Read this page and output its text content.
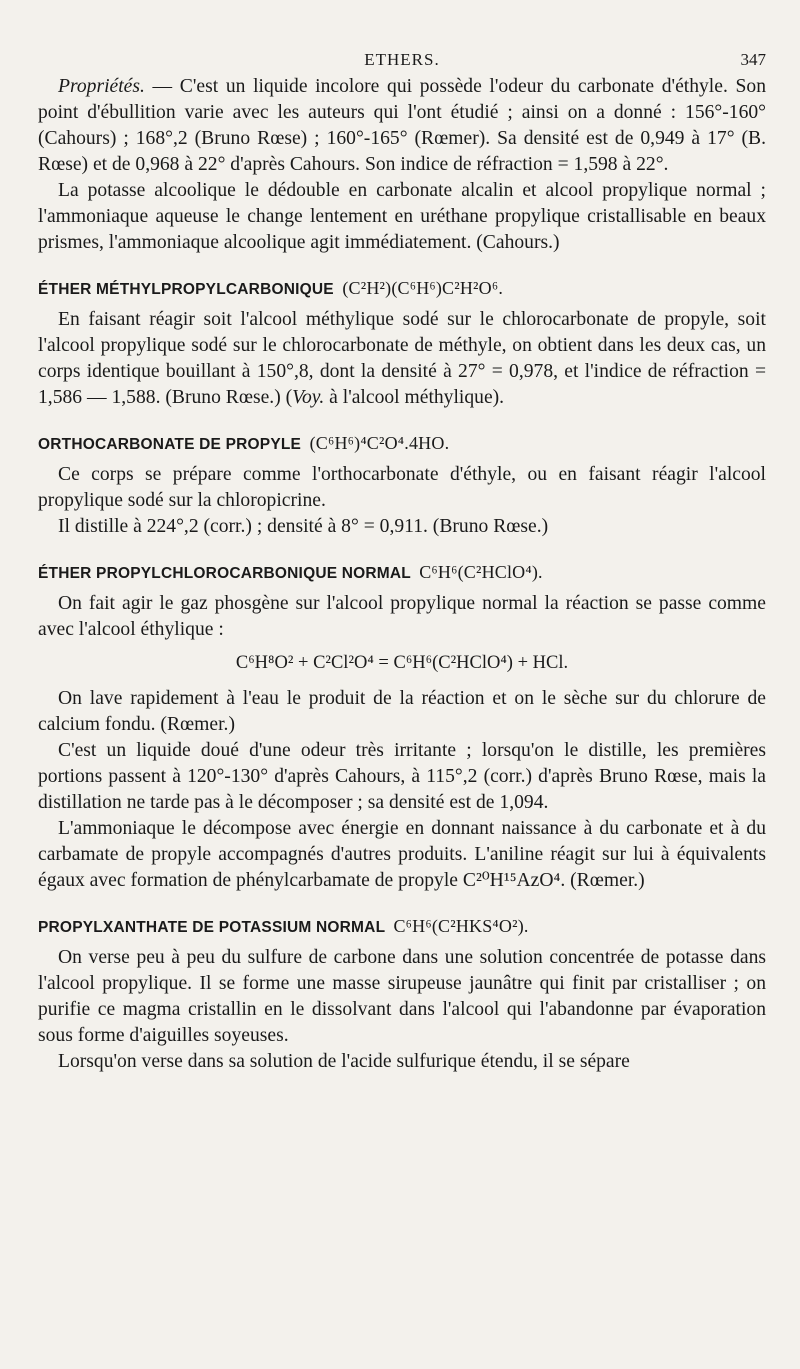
ETHERS.	347

Propriétés. — C'est un liquide incolore qui possède l'odeur du carbonate d'éthyle. Son point d'ébullition varie avec les auteurs qui l'ont étudié ; ainsi on a donné : 156°-160° (Cahours) ; 168°,2 (Bruno Rœse) ; 160°-165° (Rœmer). Sa densité est de 0,949 à 17° (B. Rœse) et de 0,968 à 22° d'après Cahours. Son indice de réfraction = 1,598 à 22°.

La potasse alcoolique le dédouble en carbonate alcalin et alcool propylique normal ; l'ammoniaque aqueuse le change lentement en uréthane propylique cristallisable en beaux prismes, l'ammoniaque alcoolique agit immédiatement. (Cahours.)

ÉTHER MÉTHYLPROPYLCARBONIQUE (C²H²)(C⁶H⁶)C²H²O⁶.

En faisant réagir soit l'alcool méthylique sodé sur le chlorocarbonate de propyle, soit l'alcool propylique sodé sur le chlorocarbonate de méthyle, on obtient dans les deux cas, un corps identique bouillant à 150°,8, dont la densité à 27° = 0,978, et l'indice de réfraction = 1,586 — 1,588. (Bruno Rœse.) (Voy. à l'alcool méthylique).

ORTHOCARBONATE DE PROPYLE (C⁶H⁶)⁴C²O⁴.4HO.

Ce corps se prépare comme l'orthocarbonate d'éthyle, ou en faisant réagir l'alcool propylique sodé sur la chloropicrine.

Il distille à 224°,2 (corr.) ; densité à 8° = 0,911. (Bruno Rœse.)

ÉTHER PROPYLCHLOROCARBONIQUE NORMAL C⁶H⁶(C²HClO⁴).

On fait agir le gaz phosgène sur l'alcool propylique normal la réaction se passe comme avec l'alcool éthylique :

C⁶H⁸O² + C²Cl²O⁴ = C⁶H⁶(C²HClO⁴) + HCl.

On lave rapidement à l'eau le produit de la réaction et on le sèche sur du chlorure de calcium fondu. (Rœmer.)

C'est un liquide doué d'une odeur très irritante ; lorsqu'on le distille, les premières portions passent à 120°-130° d'après Cahours, à 115°,2 (corr.) d'après Bruno Rœse, mais la distillation ne tarde pas à le décomposer ; sa densité est de 1,094.

L'ammoniaque le décompose avec énergie en donnant naissance à du carbonate et à du carbamate de propyle accompagnés d'autres produits. L'aniline réagit sur lui à équivalents égaux avec formation de phénylcarbamate de propyle C²⁰H¹⁵AzO⁴. (Rœmer.)

PROPYLXANTHATE DE POTASSIUM NORMAL C⁶H⁶(C²HKS⁴O²).

On verse peu à peu du sulfure de carbone dans une solution concentrée de potasse dans l'alcool propylique. Il se forme une masse sirupeuse jaunâtre qui finit par cristalliser ; on purifie ce magma cristallin en le dissolvant dans l'alcool qui l'abandonne par évaporation sous forme d'aiguilles soyeuses.

Lorsqu'on verse dans sa solution de l'acide sulfurique étendu, il se sépare
